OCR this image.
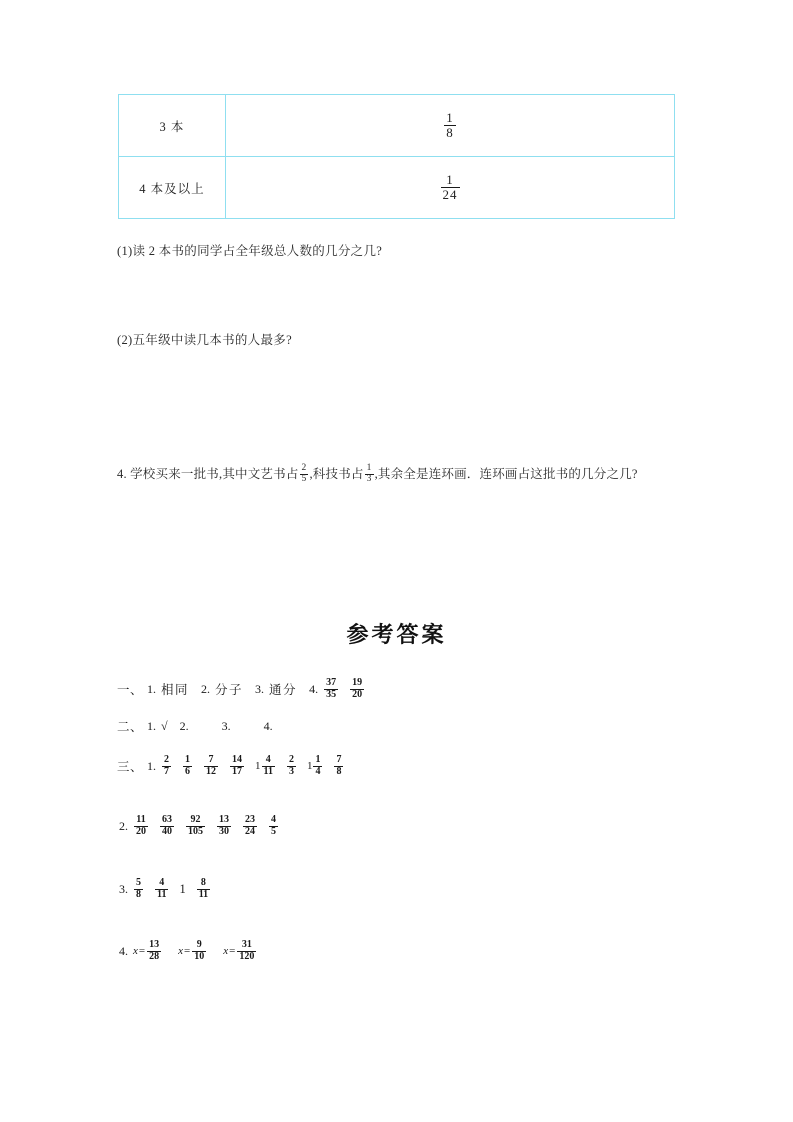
3 本	$\frac{1}{8}$

4 本及以上	$\frac{1}{24}$
(1)读 2 本书的同学占全年级总人数的几分之几?
(2)五年级中读几本书的人最多?
4. 学校买来一批书,其中文艺书占 $\frac{2}{5}$ ,科技书占 $\frac{1}{3}$ ,其余全是连环画．连环画占这批书的几分之几?
参考答案
一、 1. 相同 2. 分子 3. 通分 4. $\frac{37}{35} \frac{19}{20}$
二、 1. √ 2.	3.	4.
三、 1. $\frac{2}{7} \frac{1}{6} \frac{7}{12} \frac{14}{17} 1 \frac{4}{11} \frac{2}{3} 1 \frac{1}{4} \frac{7}{8}$
2. $\frac{11}{20} \frac{63}{40} \frac{92}{105} \frac{13}{30} \frac{23}{24} \frac{4}{5}$
3. $\frac{5}{8} \frac{4}{11} 1 \frac{8}{11}$
4. $x = \frac{13}{28}$ $x = \frac{9}{10}$ $x = \frac{31}{120}$
